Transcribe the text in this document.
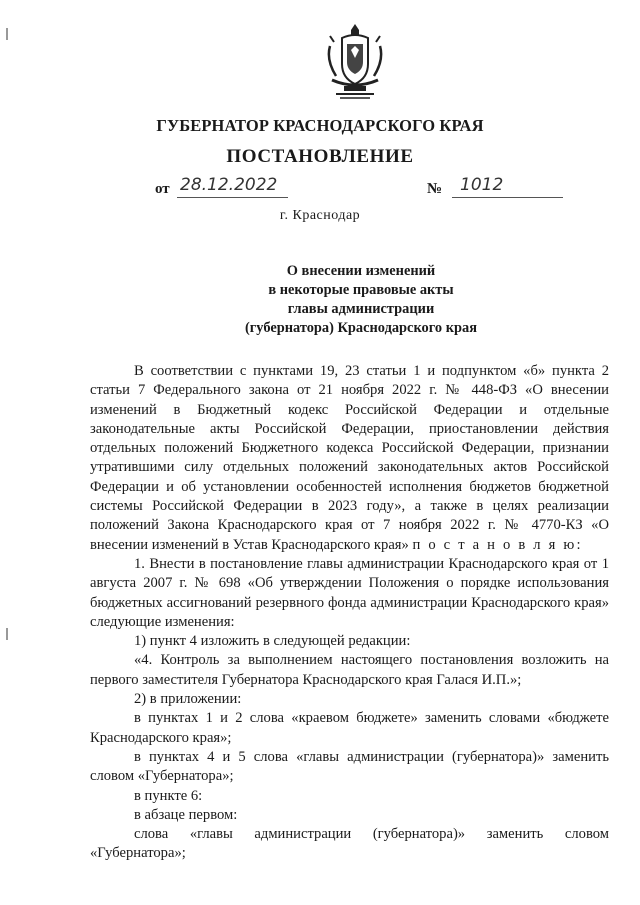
ГУБЕРНАТОР КРАСНОДАРСКОГО КРАЯ
ПОСТАНОВЛЕНИЕ
от 28.12.2022	№	1012
г. Краснодар
О внесении изменений
в некоторые правовые акты
главы администрации
(губернатора) Краснодарского края

В соответствии с пунктами 19, 23 статьи 1 и подпунктом «б» пункта 2 статьи 7 Федерального закона от 21 ноября 2022 г. № 448-ФЗ «О внесении изменений в Бюджетный кодекс Российской Федерации и отдельные законодательные акты Российской Федерации, приостановлении действия отдельных положений Бюджетного кодекса Российской Федерации, признании утратившими силу отдельных положений законодательных актов Российской Федерации и об установлении особенностей исполнения бюджетов бюджетной системы Российской Федерации в 2023 году», а также в целях реализации положений Закона Краснодарского края от 7 ноября 2022 г. № 4770-КЗ «О внесении изменений в Устав Краснодарского края» п о с т а н о в л я ю:

1. Внести в постановление главы администрации Краснодарского края от 1 августа 2007 г. № 698 «Об утверждении Положения о порядке использования бюджетных ассигнований резервного фонда администрации Краснодарского края» следующие изменения:

1) пункт 4 изложить в следующей редакции:

«4. Контроль за выполнением настоящего постановления возложить на первого заместителя Губернатора Краснодарского края Галася И.П.»;

2) в приложении:

в пунктах 1 и 2 слова «краевом бюджете» заменить словами «бюджете Краснодарского края»;

в пунктах 4 и 5 слова «главы администрации (губернатора)» заменить словом «Губернатора»;

в пункте 6:

в абзаце первом:

слова «главы администрации (губернатора)» заменить словом «Губернатора»;
